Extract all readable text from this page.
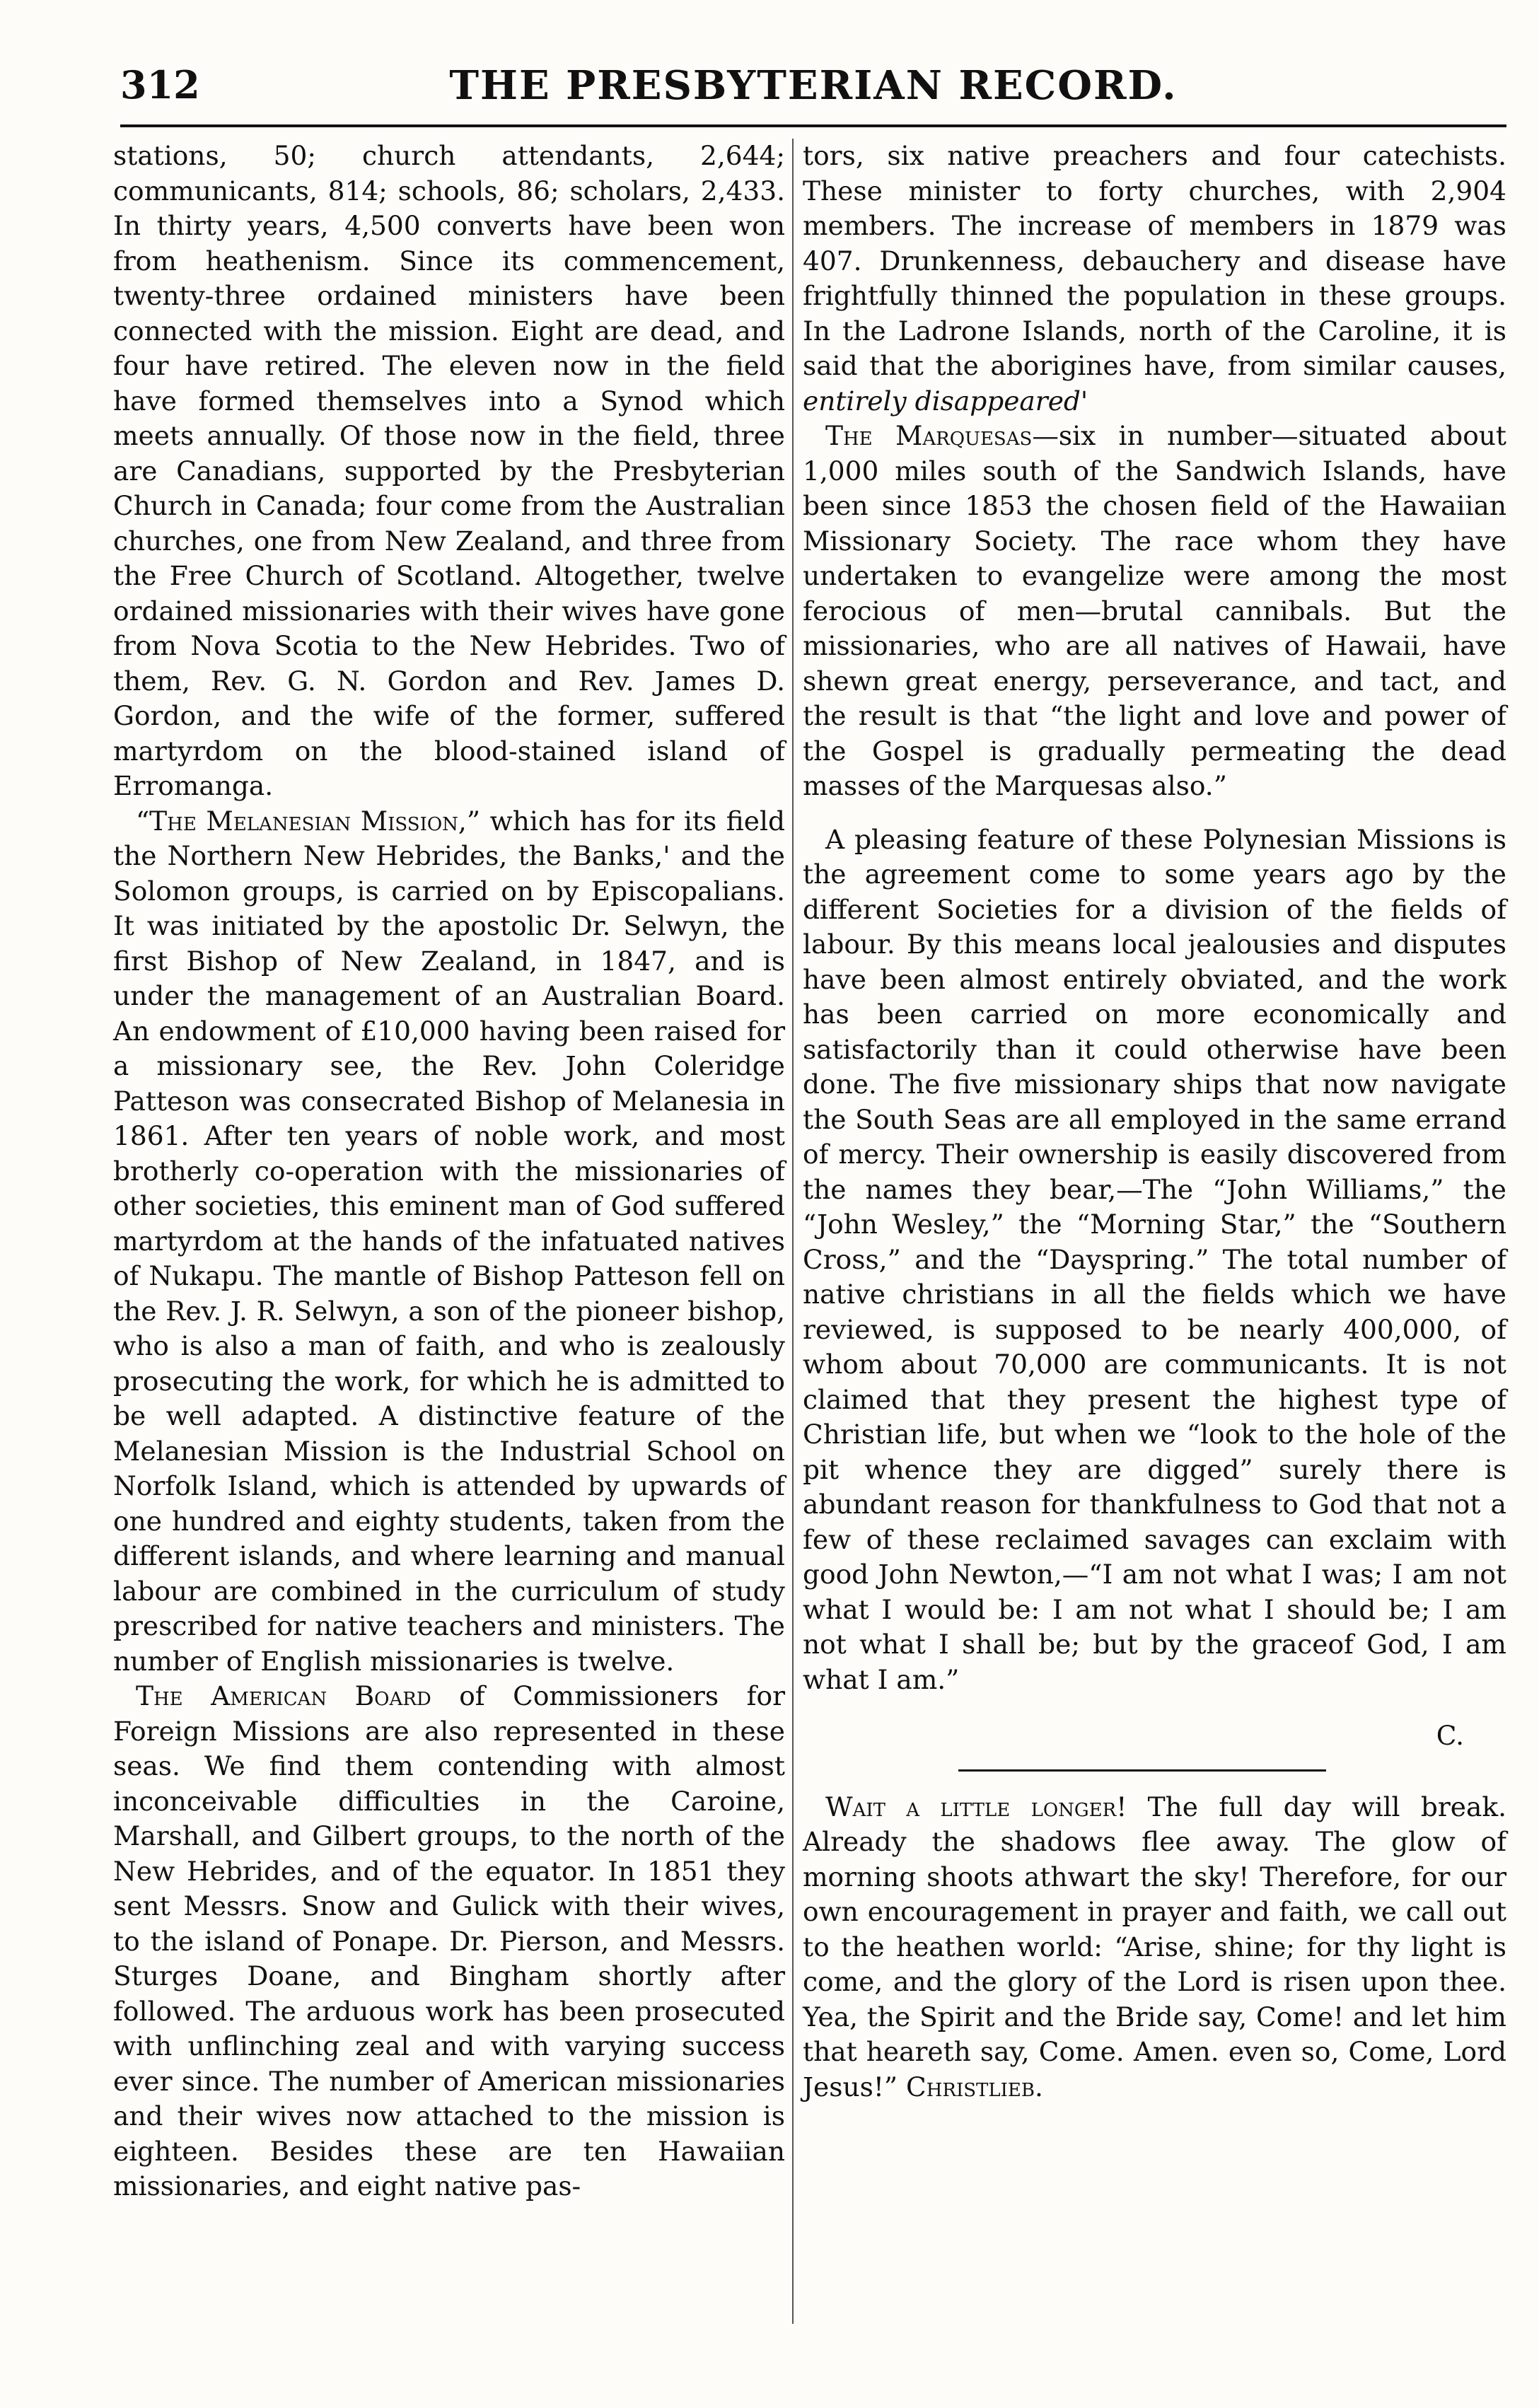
312	THE PRESBYTERIAN RECORD.

stations, 50; church attendants, 2,644; communicants, 814; schools, 86; scholars, 2,433. In thirty years, 4,500 converts have been won from heathenism. Since its commencement, twenty-three ordained ministers have been connected with the mission. Eight are dead, and four have retired. The eleven now in the field have formed themselves into a Synod which meets annually. Of those now in the field, three are Canadians, supported by the Presbyterian Church in Canada; four come from the Australian churches, one from New Zealand, and three from the Free Church of Scotland. Altogether, twelve ordained missionaries with their wives have gone from Nova Scotia to the New Hebrides. Two of them, Rev. G. N. Gordon and Rev. James D. Gordon, and the wife of the former, suffered martyrdom on the blood-stained island of Erromanga.

“The Melanesian Mission,” which has for its field the Northern New Hebrides, the Banks,' and the Solomon groups, is carried on by Episcopalians. It was initiated by the apostolic Dr. Selwyn, the first Bishop of New Zealand, in 1847, and is under the management of an Australian Board. An endowment of £10,000 having been raised for a missionary see, the Rev. John Coleridge Patteson was consecrated Bishop of Melanesia in 1861. After ten years of noble work, and most brotherly co-operation with the missionaries of other societies, this eminent man of God suffered martyrdom at the hands of the infatuated natives of Nukapu. The mantle of Bishop Patteson fell on the Rev. J. R. Selwyn, a son of the pioneer bishop, who is also a man of faith, and who is zealously prosecuting the work, for which he is admitted to be well adapted. A distinctive feature of the Melanesian Mission is the Industrial School on Norfolk Island, which is attended by upwards of one hundred and eighty students, taken from the different islands, and where learning and manual labour are combined in the curriculum of study prescribed for native teachers and ministers. The number of English missionaries is twelve.

The American Board of Commissioners for Foreign Missions are also represented in these seas. We find them contending with almost inconceivable difficulties in the Caroine, Marshall, and Gilbert groups, to the north of the New Hebrides, and of the equator. In 1851 they sent Messrs. Snow and Gulick with their wives, to the island of Ponape. Dr. Pierson, and Messrs. Sturges Doane, and Bingham shortly after followed. The arduous work has been prosecuted with unflinching zeal and with varying success ever since. The number of American missionaries and their wives now attached to the mission is eighteen. Besides these are ten Hawaiian missionaries, and eight native pas-

tors, six native preachers and four catechists. These minister to forty churches, with 2,904 members. The increase of members in 1879 was 407. Drunkenness, debauchery and disease have frightfully thinned the population in these groups. In the Ladrone Islands, north of the Caroline, it is said that the aborigines have, from similar causes, entirely disappeared'

The Marquesas—six in number—situated about 1,000 miles south of the Sandwich Islands, have been since 1853 the chosen field of the Hawaiian Missionary Society. The race whom they have undertaken to evangelize were among the most ferocious of men—brutal cannibals. But the missionaries, who are all natives of Hawaii, have shewn great energy, perseverance, and tact, and the result is that “the light and love and power of the Gospel is gradually permeating the dead masses of the Marquesas also.”

A pleasing feature of these Polynesian Missions is the agreement come to some years ago by the different Societies for a division of the fields of labour. By this means local jealousies and disputes have been almost entirely obviated, and the work has been carried on more economically and satisfactorily than it could otherwise have been done. The five missionary ships that now navigate the South Seas are all employed in the same errand of mercy. Their ownership is easily discovered from the names they bear,—The “John Williams,” the “John Wesley,” the “Morning Star,” the “Southern Cross,” and the “Dayspring.” The total number of native christians in all the fields which we have reviewed, is supposed to be nearly 400,000, of whom about 70,000 are communicants. It is not claimed that they present the highest type of Christian life, but when we “look to the hole of the pit whence they are digged” surely there is abundant reason for thankfulness to God that not a few of these reclaimed savages can exclaim with good John Newton,—“I am not what I was; I am not what I would be: I am not what I should be; I am not what I shall be; but by the graceof God, I am what I am.”

C.

Wait a little longer! The full day will break. Already the shadows flee away. The glow of morning shoots athwart the sky! Therefore, for our own encouragement in prayer and faith, we call out to the heathen world: “Arise, shine; for thy light is come, and the glory of the Lord is risen upon thee. Yea, the Spirit and the Bride say, Come! and let him that heareth say, Come. Amen. even so, Come, Lord Jesus!” Christlieb.
